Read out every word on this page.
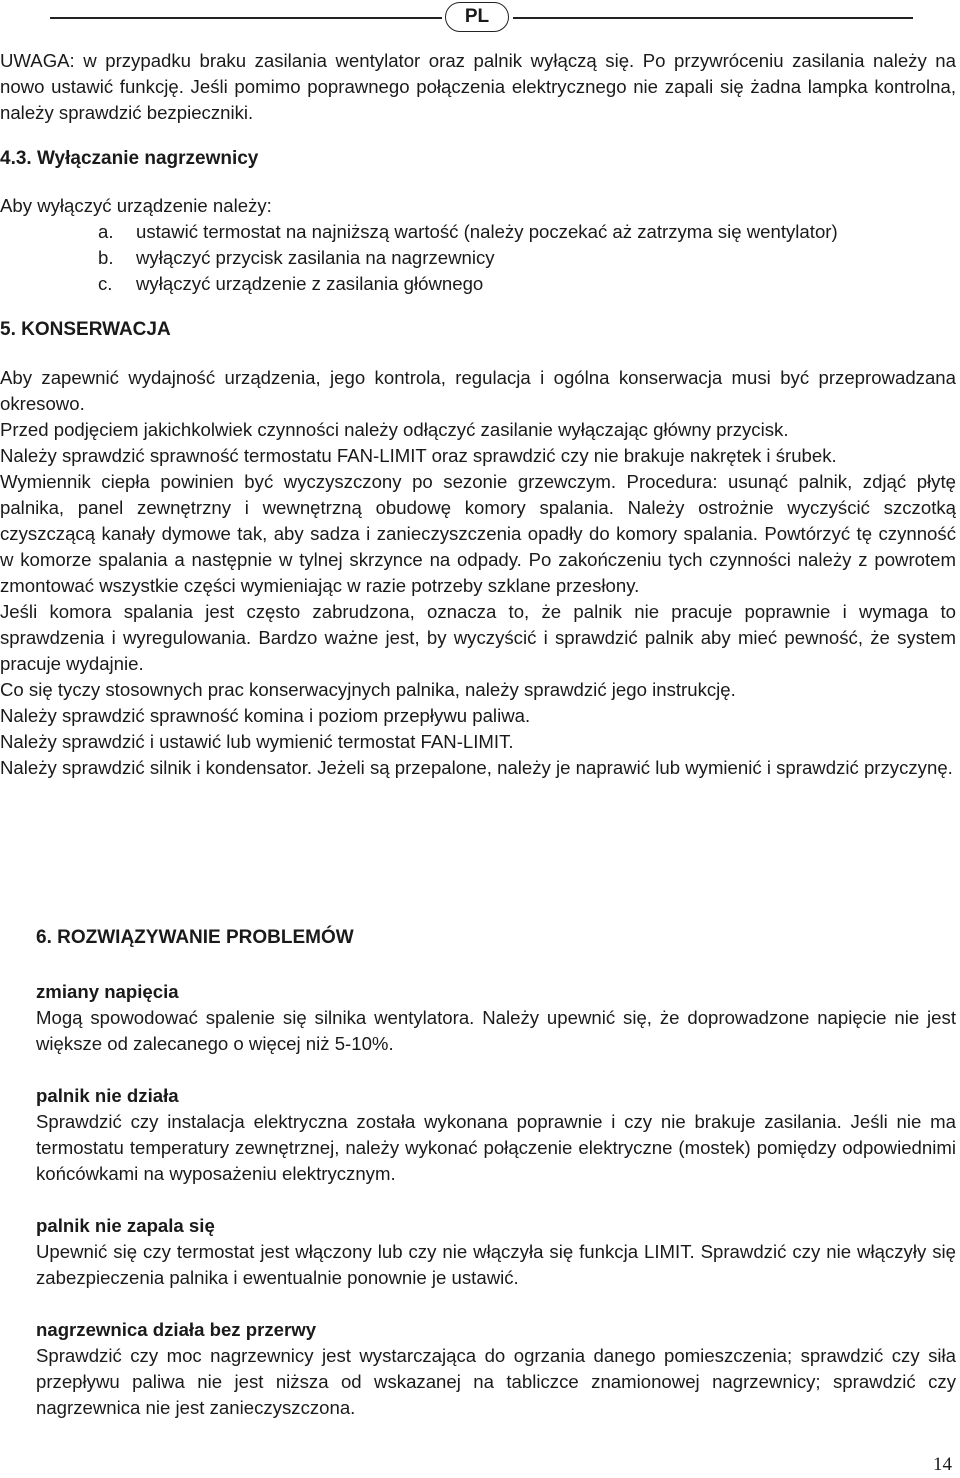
PL

UWAGA: w przypadku braku zasilania wentylator oraz palnik wyłączą się. Po przywróceniu zasilania należy na nowo ustawić funkcję. Jeśli pomimo poprawnego połączenia elektrycznego nie zapali się żadna lampka kontrolna, należy sprawdzić bezpieczniki.

4.3. Wyłączanie nagrzewnicy

Aby wyłączyć urządzenie należy:

a. ustawić termostat na najniższą wartość (należy poczekać aż zatrzyma się wentylator)
b. wyłączyć przycisk zasilania na nagrzewnicy
c. wyłączyć urządzenie z zasilania głównego

5. KONSERWACJA

Aby zapewnić wydajność urządzenia, jego kontrola, regulacja i ogólna konserwacja musi być przeprowadzana okresowo.

Przed podjęciem jakichkolwiek czynności należy odłączyć zasilanie wyłączając główny przycisk.

Należy sprawdzić sprawność termostatu FAN-LIMIT oraz sprawdzić czy nie brakuje nakrętek i śrubek.

Wymiennik ciepła powinien być wyczyszczony po sezonie grzewczym. Procedura: usunąć palnik, zdjąć płytę palnika, panel zewnętrzny i wewnętrzną obudowę komory spalania. Należy ostrożnie wyczyścić szczotką czyszczącą kanały dymowe tak, aby sadza i zanieczyszczenia opadły do komory spalania. Powtórzyć tę czynność w komorze spalania a następnie w tylnej skrzynce na odpady. Po zakończeniu tych czynności należy z powrotem zmontować wszystkie części wymieniając w razie potrzeby szklane przesłony.

Jeśli komora spalania jest często zabrudzona, oznacza to, że palnik nie pracuje poprawnie i wymaga to sprawdzenia i wyregulowania. Bardzo ważne jest, by wyczyścić i sprawdzić palnik aby mieć pewność, że system pracuje wydajnie.

Co się tyczy stosownych prac konserwacyjnych palnika, należy sprawdzić jego instrukcję.

Należy sprawdzić sprawność komina i poziom przepływu paliwa.

Należy sprawdzić i ustawić lub wymienić termostat FAN-LIMIT.

Należy sprawdzić silnik i kondensator. Jeżeli są przepalone, należy je naprawić lub wymienić i sprawdzić przyczynę.

6. ROZWIĄZYWANIE PROBLEMÓW

zmiany napięcia

Mogą spowodować spalenie się silnika wentylatora. Należy upewnić się, że doprowadzone napięcie nie jest większe od zalecanego o więcej niż 5-10%.

palnik nie działa

Sprawdzić czy instalacja elektryczna została wykonana poprawnie i czy nie brakuje zasilania. Jeśli nie ma termostatu temperatury zewnętrznej, należy wykonać połączenie elektryczne (mostek) pomiędzy odpowiednimi końcówkami na wyposażeniu elektrycznym.

palnik nie zapala się

Upewnić się czy termostat jest włączony lub czy nie włączyła się funkcja LIMIT. Sprawdzić czy nie włączyły się zabezpieczenia palnika i ewentualnie ponownie je ustawić.

nagrzewnica działa bez przerwy

Sprawdzić czy moc nagrzewnicy jest wystarczająca do ogrzania danego pomieszczenia; sprawdzić czy siła przepływu paliwa nie jest niższa od wskazanej na tabliczce znamionowej nagrzewnicy; sprawdzić czy nagrzewnica nie jest zanieczyszczona.

14
